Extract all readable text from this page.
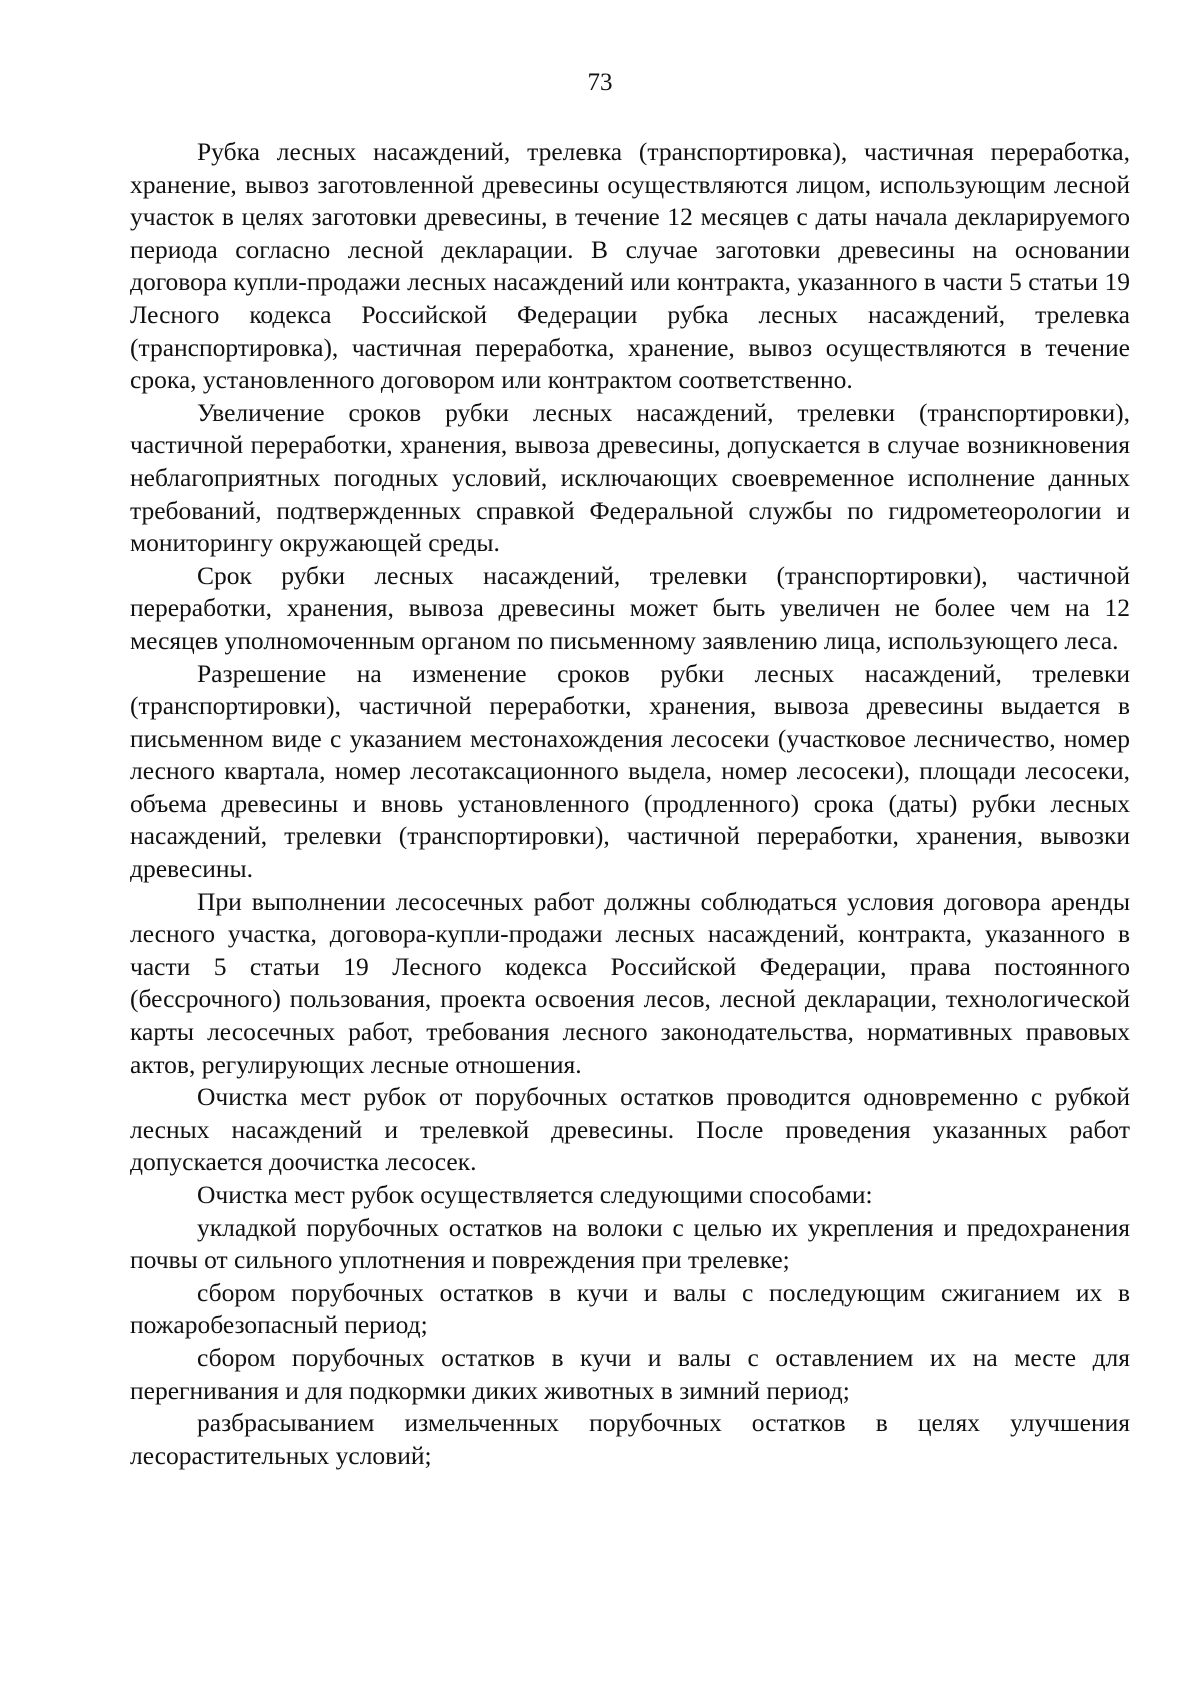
73

Рубка лесных насаждений, трелевка (транспортировка), частичная переработка, хранение, вывоз заготовленной древесины осуществляются лицом, использующим лесной участок в целях заготовки древесины, в течение 12 месяцев с даты начала декларируемого периода согласно лесной декларации. В случае заготовки древесины на основании договора купли-продажи лесных насаждений или контракта, указанного в части 5 статьи 19 Лесного кодекса Российской Федерации рубка лесных насаждений, трелевка (транспортировка), частичная переработка, хранение, вывоз осуществляются в течение срока, установленного договором или контрактом соответственно.

Увеличение сроков рубки лесных насаждений, трелевки (транспортировки), частичной переработки, хранения, вывоза древесины, допускается в случае возникновения неблагоприятных погодных условий, исключающих своевременное исполнение данных требований, подтвержденных справкой Федеральной службы по гидрометеорологии и мониторингу окружающей среды.

Срок рубки лесных насаждений, трелевки (транспортировки), частичной переработки, хранения, вывоза древесины может быть увеличен не более чем на 12 месяцев уполномоченным органом по письменному заявлению лица, использующего леса.

Разрешение на изменение сроков рубки лесных насаждений, трелевки (транспортировки), частичной переработки, хранения, вывоза древесины выдается в письменном виде с указанием местонахождения лесосеки (участковое лесничество, номер лесного квартала, номер лесотаксационного выдела, номер лесосеки), площади лесосеки, объема древесины и вновь установленного (продленного) срока (даты) рубки лесных насаждений, трелевки (транспортировки), частичной переработки, хранения, вывозки древесины.

При выполнении лесосечных работ должны соблюдаться условия договора аренды лесного участка, договора-купли-продажи лесных насаждений, контракта, указанного в части 5 статьи 19 Лесного кодекса Российской Федерации, права постоянного (бессрочного) пользования, проекта освоения лесов, лесной декларации, технологической карты лесосечных работ, требования лесного законодательства, нормативных правовых актов, регулирующих лесные отношения.

Очистка мест рубок от порубочных остатков проводится одновременно с рубкой лесных насаждений и трелевкой древесины. После проведения указанных работ допускается доочистка лесосек.

Очистка мест рубок осуществляется следующими способами:

укладкой порубочных остатков на волоки с целью их укрепления и предохранения почвы от сильного уплотнения и повреждения при трелевке;

сбором порубочных остатков в кучи и валы с последующим сжиганием их в пожаробезопасный период;

сбором порубочных остатков в кучи и валы с оставлением их на месте для перегнивания и для подкормки диких животных в зимний период;

разбрасыванием измельченных порубочных остатков в целях улучшения лесорастительных условий;
